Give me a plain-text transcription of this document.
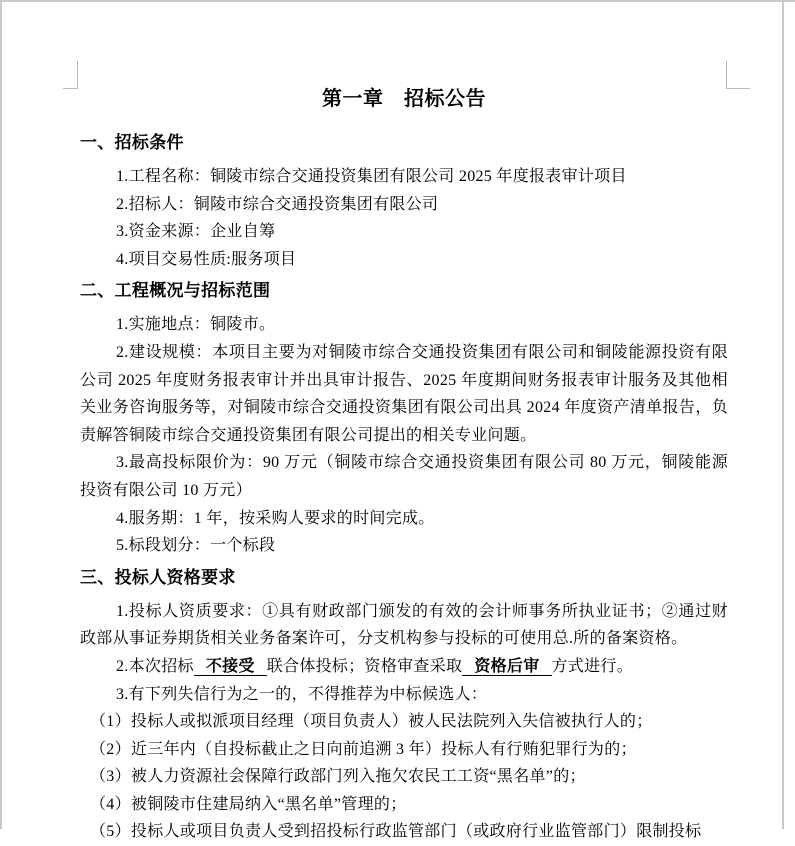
第一章　招标公告
一、招标条件

1.工程名称：铜陵市综合交通投资集团有限公司 2025 年度报表审计项目

2.招标人：铜陵市综合交通投资集团有限公司

3.资金来源：企业自筹

4.项目交易性质:服务项目

二、工程概况与招标范围

1.实施地点：铜陵市。

2.建设规模：本项目主要为对铜陵市综合交通投资集团有限公司和铜陵能源投资有限公司 2025 年度财务报表审计并出具审计报告、2025 年度期间财务报表审计服务及其他相关业务咨询服务等，对铜陵市综合交通投资集团有限公司出具 2024 年度资产清单报告，负责解答铜陵市综合交通投资集团有限公司提出的相关专业问题。

3.最高投标限价为：90 万元（铜陵市综合交通投资集团有限公司 80 万元，铜陵能源投资有限公司 10 万元）

4.服务期：1 年，按采购人要求的时间完成。

5.标段划分：一个标段

三、投标人资格要求

1.投标人资质要求：①具有财政部门颁发的有效的会计师事务所执业证书；②通过财政部从事证券期货相关业务备案许可，分支机构参与投标的可使用总.所的备案资格。

2.本次招标 不接受 联合体投标；资格审查采取 资格后审 方式进行。

3.有下列失信行为之一的，不得推荐为中标候选人：

（1）投标人或拟派项目经理（项目负责人）被人民法院列入失信被执行人的；

（2）近三年内（自投标截止之日向前追溯 3 年）投标人有行贿犯罪行为的；

（3）被人力资源社会保障行政部门列入拖欠农民工工资“黑名单”的；

（4）被铜陵市住建局纳入“黑名单”管理的；

（5）投标人或项目负责人受到招投标行政监管部门（或政府行业监管部门）限制投标
